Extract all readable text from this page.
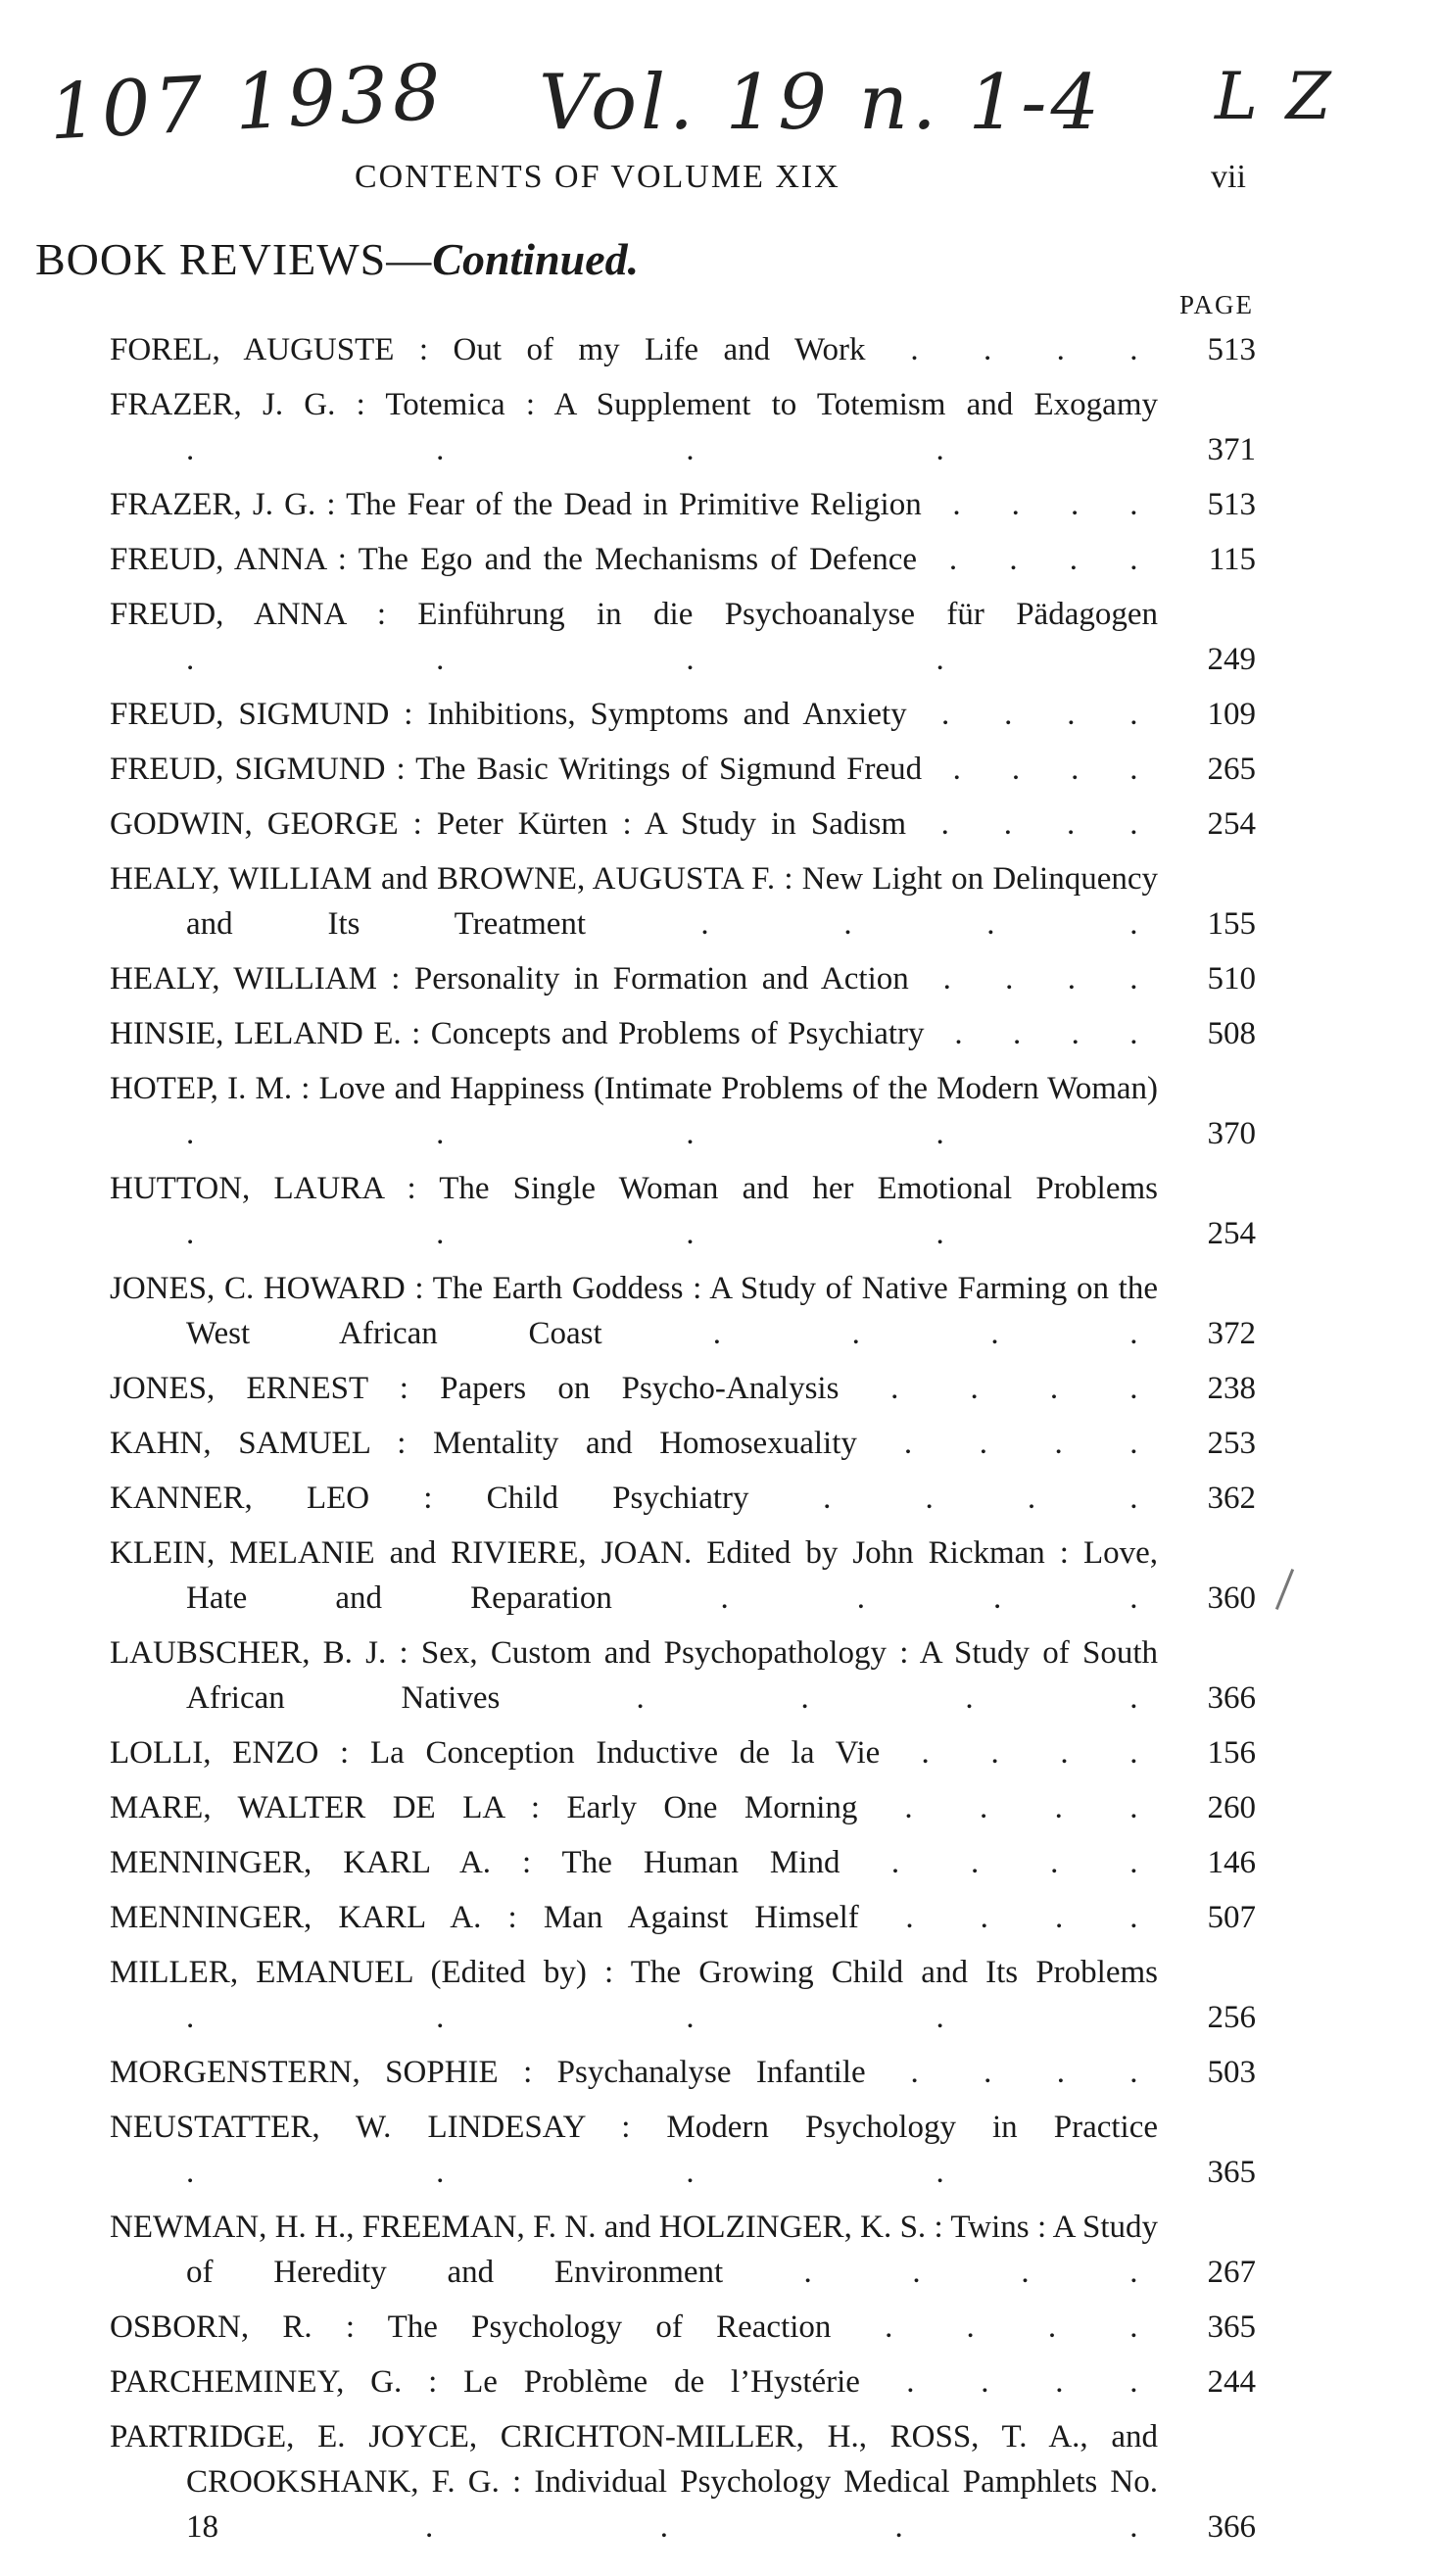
107 1938 Vol. 19 n. 1-4 L Z
CONTENTS OF VOLUME XIX	vii
BOOK REVIEWS—Continued.
PAGE
FOREL, AUGUSTE : Out of my Life and Work . . . .	513
FRAZER, J. G. : Totemica : A Supplement to Totemism and Exogamy . . . .	371
FRAZER, J. G. : The Fear of the Dead in Primitive Religion . . . .	513
FREUD, ANNA : The Ego and the Mechanisms of Defence . . . .	115
FREUD, ANNA : Einführung in die Psychoanalyse für Pädagogen . . . .	249
FREUD, SIGMUND : Inhibitions, Symptoms and Anxiety . . . .	109
FREUD, SIGMUND : The Basic Writings of Sigmund Freud . . . .	265
GODWIN, GEORGE : Peter Kürten : A Study in Sadism . . . .	254
HEALY, WILLIAM and BROWNE, AUGUSTA F. : New Light on Delinquency and Its Treatment . . . .	155
HEALY, WILLIAM : Personality in Formation and Action . . . .	510
HINSIE, LELAND E. : Concepts and Problems of Psychiatry . . . .	508
HOTEP, I. M. : Love and Happiness (Intimate Problems of the Modern Woman) . . . .	370
HUTTON, LAURA : The Single Woman and her Emotional Problems . . . .	254
JONES, C. HOWARD : The Earth Goddess : A Study of Native Farming on the West African Coast . . . .	372
JONES, ERNEST : Papers on Psycho-Analysis . . . .	238
KAHN, SAMUEL : Mentality and Homosexuality . . . .	253
KANNER, LEO : Child Psychiatry . . . .	362
KLEIN, MELANIE and RIVIERE, JOAN. Edited by John Rickman : Love, Hate and Reparation . . . .	360
LAUBSCHER, B. J. : Sex, Custom and Psychopathology : A Study of South African Natives . . . .	366
LOLLI, ENZO : La Conception Inductive de la Vie . . . .	156
MARE, WALTER DE LA : Early One Morning . . . .	260
MENNINGER, KARL A. : The Human Mind . . . .	146
MENNINGER, KARL A. : Man Against Himself . . . .	507
MILLER, EMANUEL (Edited by) : The Growing Child and Its Problems . . . .	256
MORGENSTERN, SOPHIE : Psychanalyse Infantile . . . .	503
NEUSTATTER, W. LINDESAY : Modern Psychology in Practice . . . .	365
NEWMAN, H. H., FREEMAN, F. N. and HOLZINGER, K. S. : Twins : A Study of Heredity and Environment . . . .	267
OSBORN, R. : The Psychology of Reaction . . . .	365
PARCHEMINEY, G. : Le Problème de l’Hystérie . . . .	244
PARTRIDGE, E. JOYCE, CRICHTON-MILLER, H., ROSS, T. A., and CROOKSHANK, F. G. : Individual Psychology Medical Pamphlets No. 18 . . . .	366
